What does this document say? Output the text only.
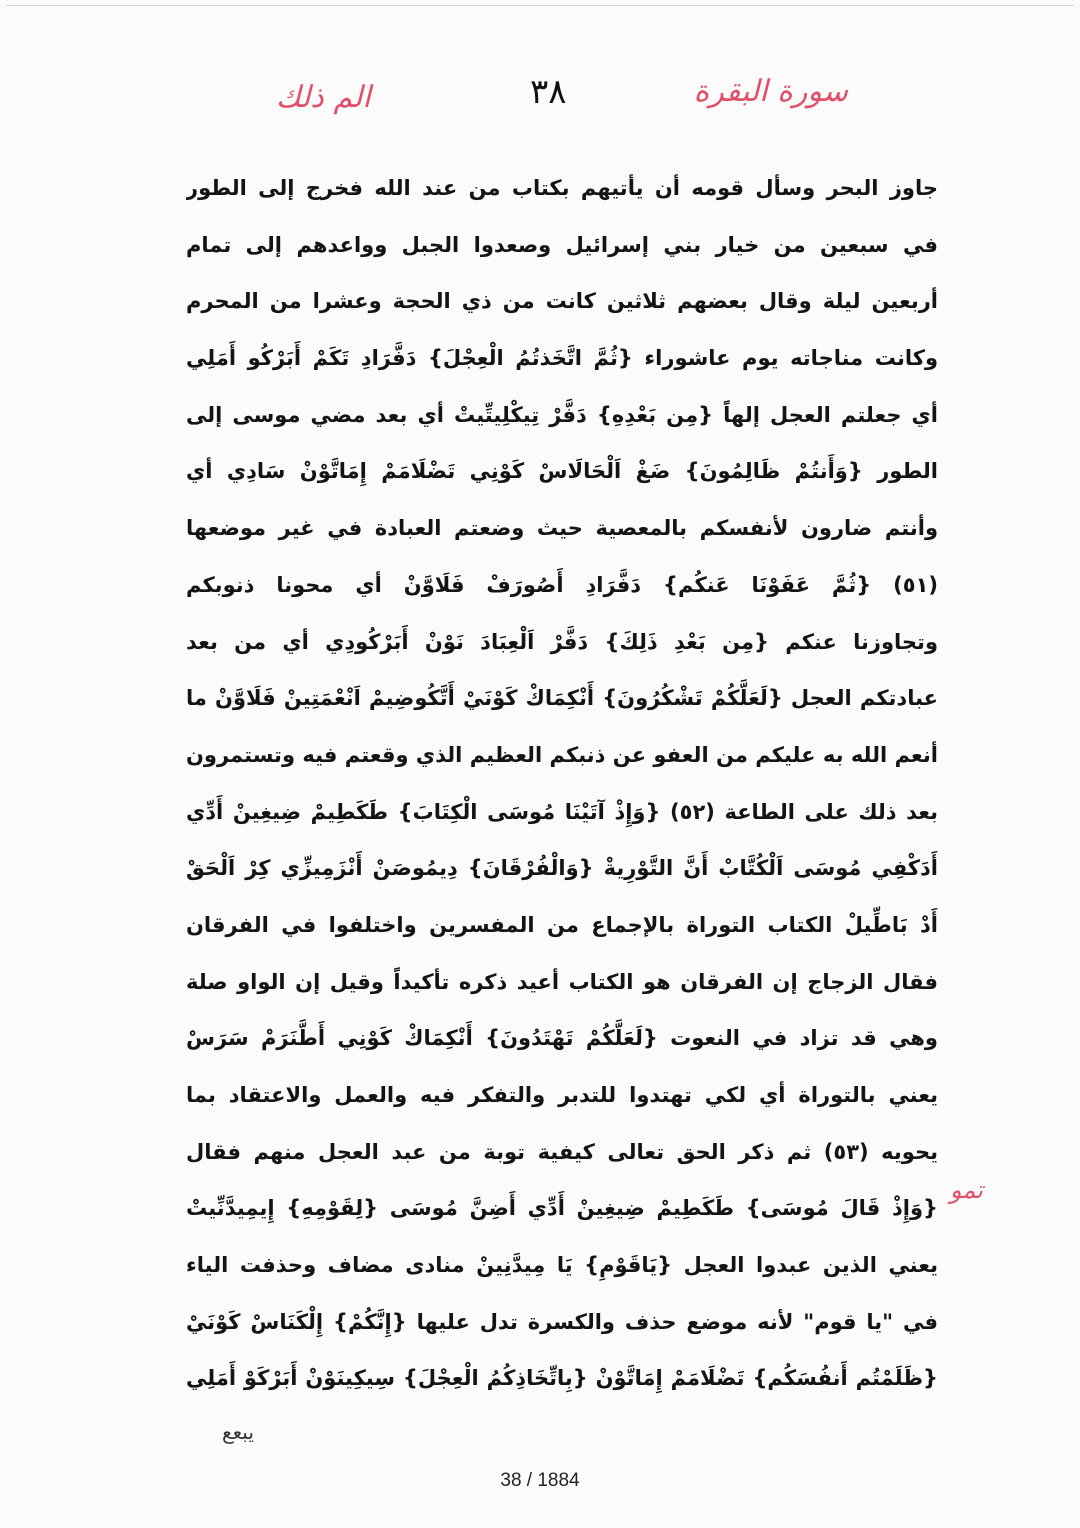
سورة البقرة
٣٨
الم ذلك
جاوز البحر وسأل قومه أن يأتيهم بكتاب من عند الله فخرج إلى الطور
في سبعين من خيار بني إسرائيل وصعدوا الجبل وواعدهم إلى تمام
أربعين ليلة وقال بعضهم ثلاثين كانت من ذي الحجة وعشرا من المحرم
وكانت مناجاته يوم عاشوراء {ثُمَّ اتَّخَذتُمُ الْعِجْلَ} دَفَّرَادِ تَكَمْ أَبَرْكُو أَمَلِي
أي جعلتم العجل إلهاً {مِن بَعْدِهِ} دَفَّرْ تِيكْلِيتِّيتْ أي بعد مضي موسى إلى
الطور {وَأَنتُمْ ظَالِمُونَ} ضَغْ اَلْحَالَاسْ كَوْنِي تَضْلَامَمْ إِمَاتَّوْنْ سَادِي أي
وأنتم ضارون لأنفسكم بالمعصية حيث وضعتم العبادة في غير موضعها
(٥١) {ثُمَّ عَفَوْنَا عَنكُم} دَفَّرَادِ أَصُورَفْ فَلَاوَّنْ أي محونا ذنوبكم
وتجاوزنا عنكم {مِن بَعْدِ ذَلِكَ} دَفَّرْ اَلْعِبَادَ نَوْنْ أَبَرْكُودِي أي من بعد
عبادتكم العجل {لَعَلَّكُمْ تَشْكُرُونَ} أَنْكِمَاكْ كَوْنَيْ أَتَّكُوضِيمْ اَنْعْمَتِينْ فَلَاوَّنْ ما
أنعم الله به عليكم من العفو عن ذنبكم العظيم الذي وقعتم فيه وتستمرون
بعد ذلك على الطاعة (٥٢) {وَإِذْ آتَيْنَا مُوسَى الْكِتَابَ} طَكَطِيمْ ضِيغِينْ أَدِّي
أَدَكْفِي مُوسَى اَلْكُتَّابْ أَنَّ التَّوْرِيةْ {وَالْفُرْقَانَ} دِيمُوصَنْ أَنْزَمِيزِّي كِرْ اَلْحَقْ
أَدْ بَاطِّيلْ الكتاب التوراة بالإجماع من المفسرين واختلفوا في الفرقان
فقال الزجاج إن الفرقان هو الكتاب أعيد ذكره تأكيداً وقيل إن الواو صلة
وهي قد تزاد في النعوت {لَعَلَّكُمْ تَهْتَدُونَ} أَنْكِمَاكْ كَوْنِي أَطَّنَرَمْ سَرَسْ
يعني بالتوراة أي لكي تهتدوا للتدبر والتفكر فيه والعمل والاعتقاد بما
يحويه (٥٣) ثم ذكر الحق تعالى كيفية توبة من عبد العجل منهم فقال
{وَإِذْ قَالَ مُوسَى} طَكَطِيمْ ضِيغِينْ أَدِّي أَضِنَّ مُوسَى {لِقَوْمِهِ} إِيمِيدَّنِّيتْ
يعني الذين عبدوا العجل {يَاقَوْمِ} يَا مِيدَّنِينْ منادى مضاف وحذفت الياء
في "يا قوم" لأنه موضع حذف والكسرة تدل عليها {إِنَّكُمْ} إِلْكَنَاسْ كَوْنَيْ
{ظَلَمْتُم أَنفُسَكُم} تَضْلَامَمْ إِمَاتَّوْنْ {بِاتِّخَاذِكُمُ الْعِجْلَ} سِيكِينَوْنْ أَبَرْكَوْ أَمَلِي
تمو
يبعع
38 / 1884
